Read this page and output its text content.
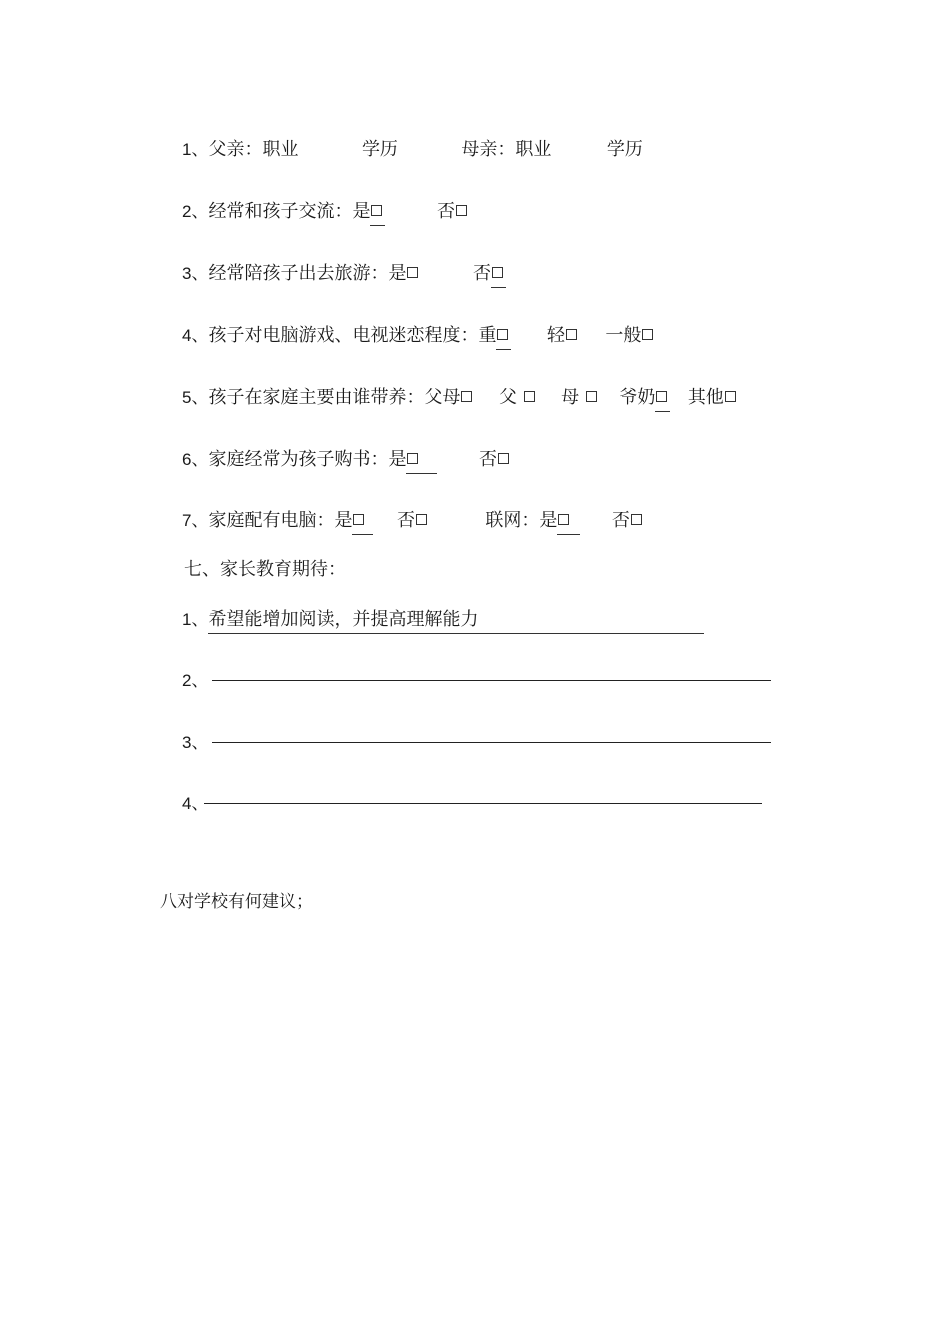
1、父亲：职业	学历	母亲：职业	学历
2、经常和孩子交流：是	否
3、经常陪孩子出去旅游：是	否
4、孩子对电脑游戏、电视迷恋程度：重	轻 一般
5、孩子在家庭主要由谁带养：父母 父 母 爷奶 其他
6、家庭经常为孩子购书：是	否
7、家庭配有电脑：是 否	联网：是	否
七、家长教育期待：
1、希望能增加阅读，并提高理解能力
2、
3、
4、
八对学校有何建议；
